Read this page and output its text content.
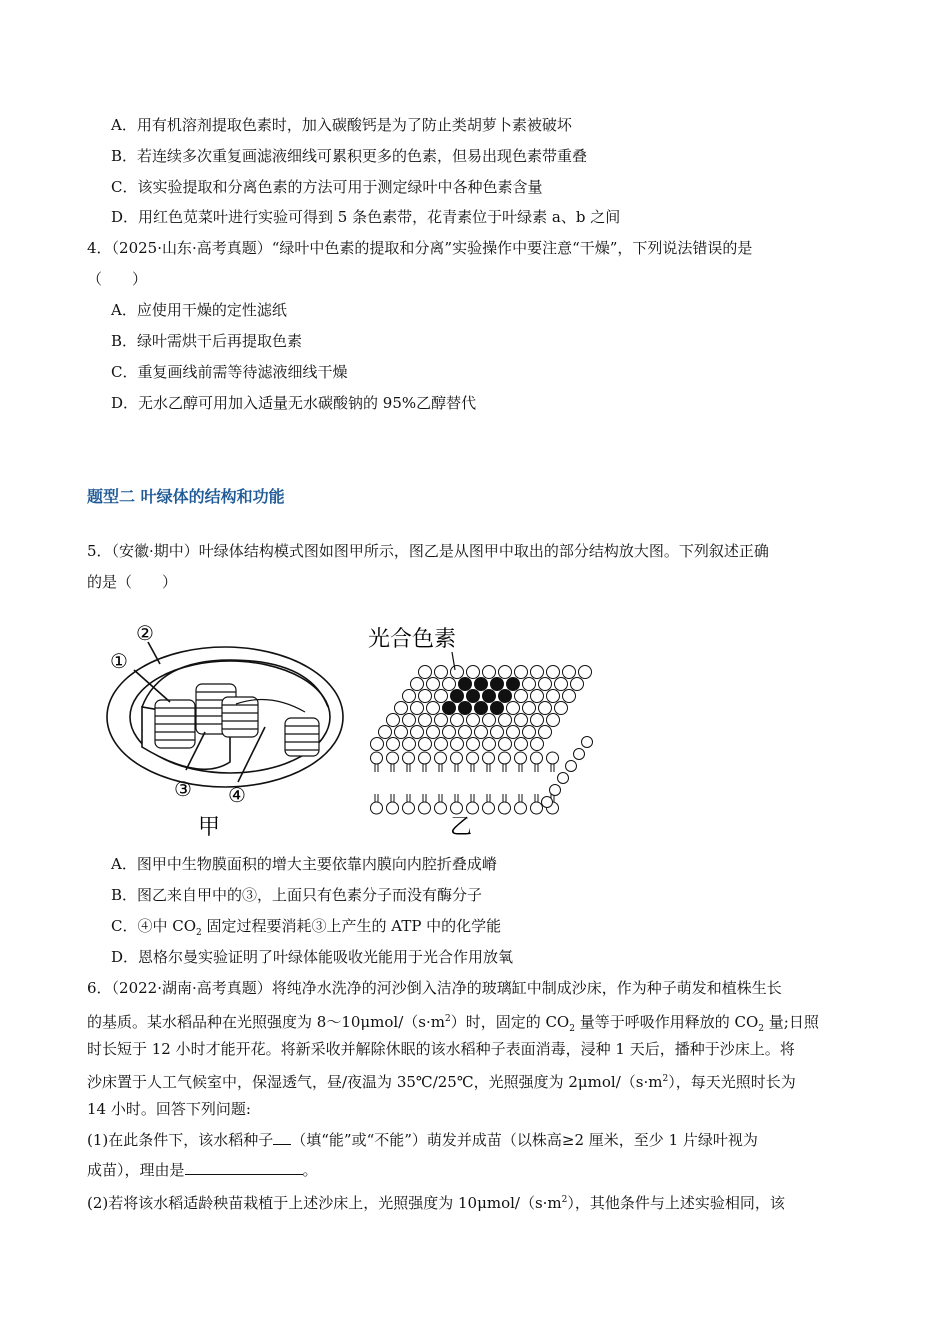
A．用有机溶剂提取色素时，加入碳酸钙是为了防止类胡萝卜素被破坏
B．若连续多次重复画滤液细线可累积更多的色素，但易出现色素带重叠
C．该实验提取和分离色素的方法可用于测定绿叶中各种色素含量
D．用红色苋菜叶进行实验可得到 5 条色素带，花青素位于叶绿素 a、b 之间
4．（2025·山东·高考真题）“绿叶中色素的提取和分离”实验操作中要注意“干燥”，下列说法错误的是
（　　）
A．应使用干燥的定性滤纸
B．绿叶需烘干后再提取色素
C．重复画线前需等待滤液细线干燥
D．无水乙醇可用加入适量无水碳酸钠的 95%乙醇替代
题型二 叶绿体的结构和功能
5．（安徽·期中）叶绿体结构模式图如图甲所示，图乙是从图甲中取出的部分结构放大图。下列叙述正确
的是（　　）
①
②
③ ④
甲
光合色素
乙
A．图甲中生物膜面积的增大主要依靠内膜向内腔折叠成嵴
B．图乙来自甲中的③，上面只有色素分子而没有酶分子
C．④中 $CO_2$ 固定过程要消耗③上产生的 ATP 中的化学能
D．恩格尔曼实验证明了叶绿体能吸收光能用于光合作用放氧
6．（2022·湖南·高考真题）将纯净水洗净的河沙倒入洁净的玻璃缸中制成沙床，作为种子萌发和植株生长
的基质。某水稻品种在光照强度为 $8\sim 10\mu mol/(s\cdot m^2)$时，固定的 $CO_2$ 量等于呼吸作用释放的 $CO_2$ 量;日照
时长短于 12 小时才能开花。将新采收并解除休眠的该水稻种子表面消毒，浸种 1 天后，播种于沙床上。将
沙床置于人工气候室中，保湿透气，昼/夜温为 35℃/25℃，光照强度为 $2\mu mol/(s\cdot m^2)$，每天光照时长为
14 小时。回答下列问题:
(1)在此条件下，该水稻种子 （填“能”或“不能”）萌发并成苗（以株高≥2 厘米，至少 1 片绿叶视为
成苗），理由是	。
(2)若将该水稻适龄秧苗栽植于上述沙床上，光照强度为 $10\mu mol/(s\cdot m^2)$，其他条件与上述实验相同，该
